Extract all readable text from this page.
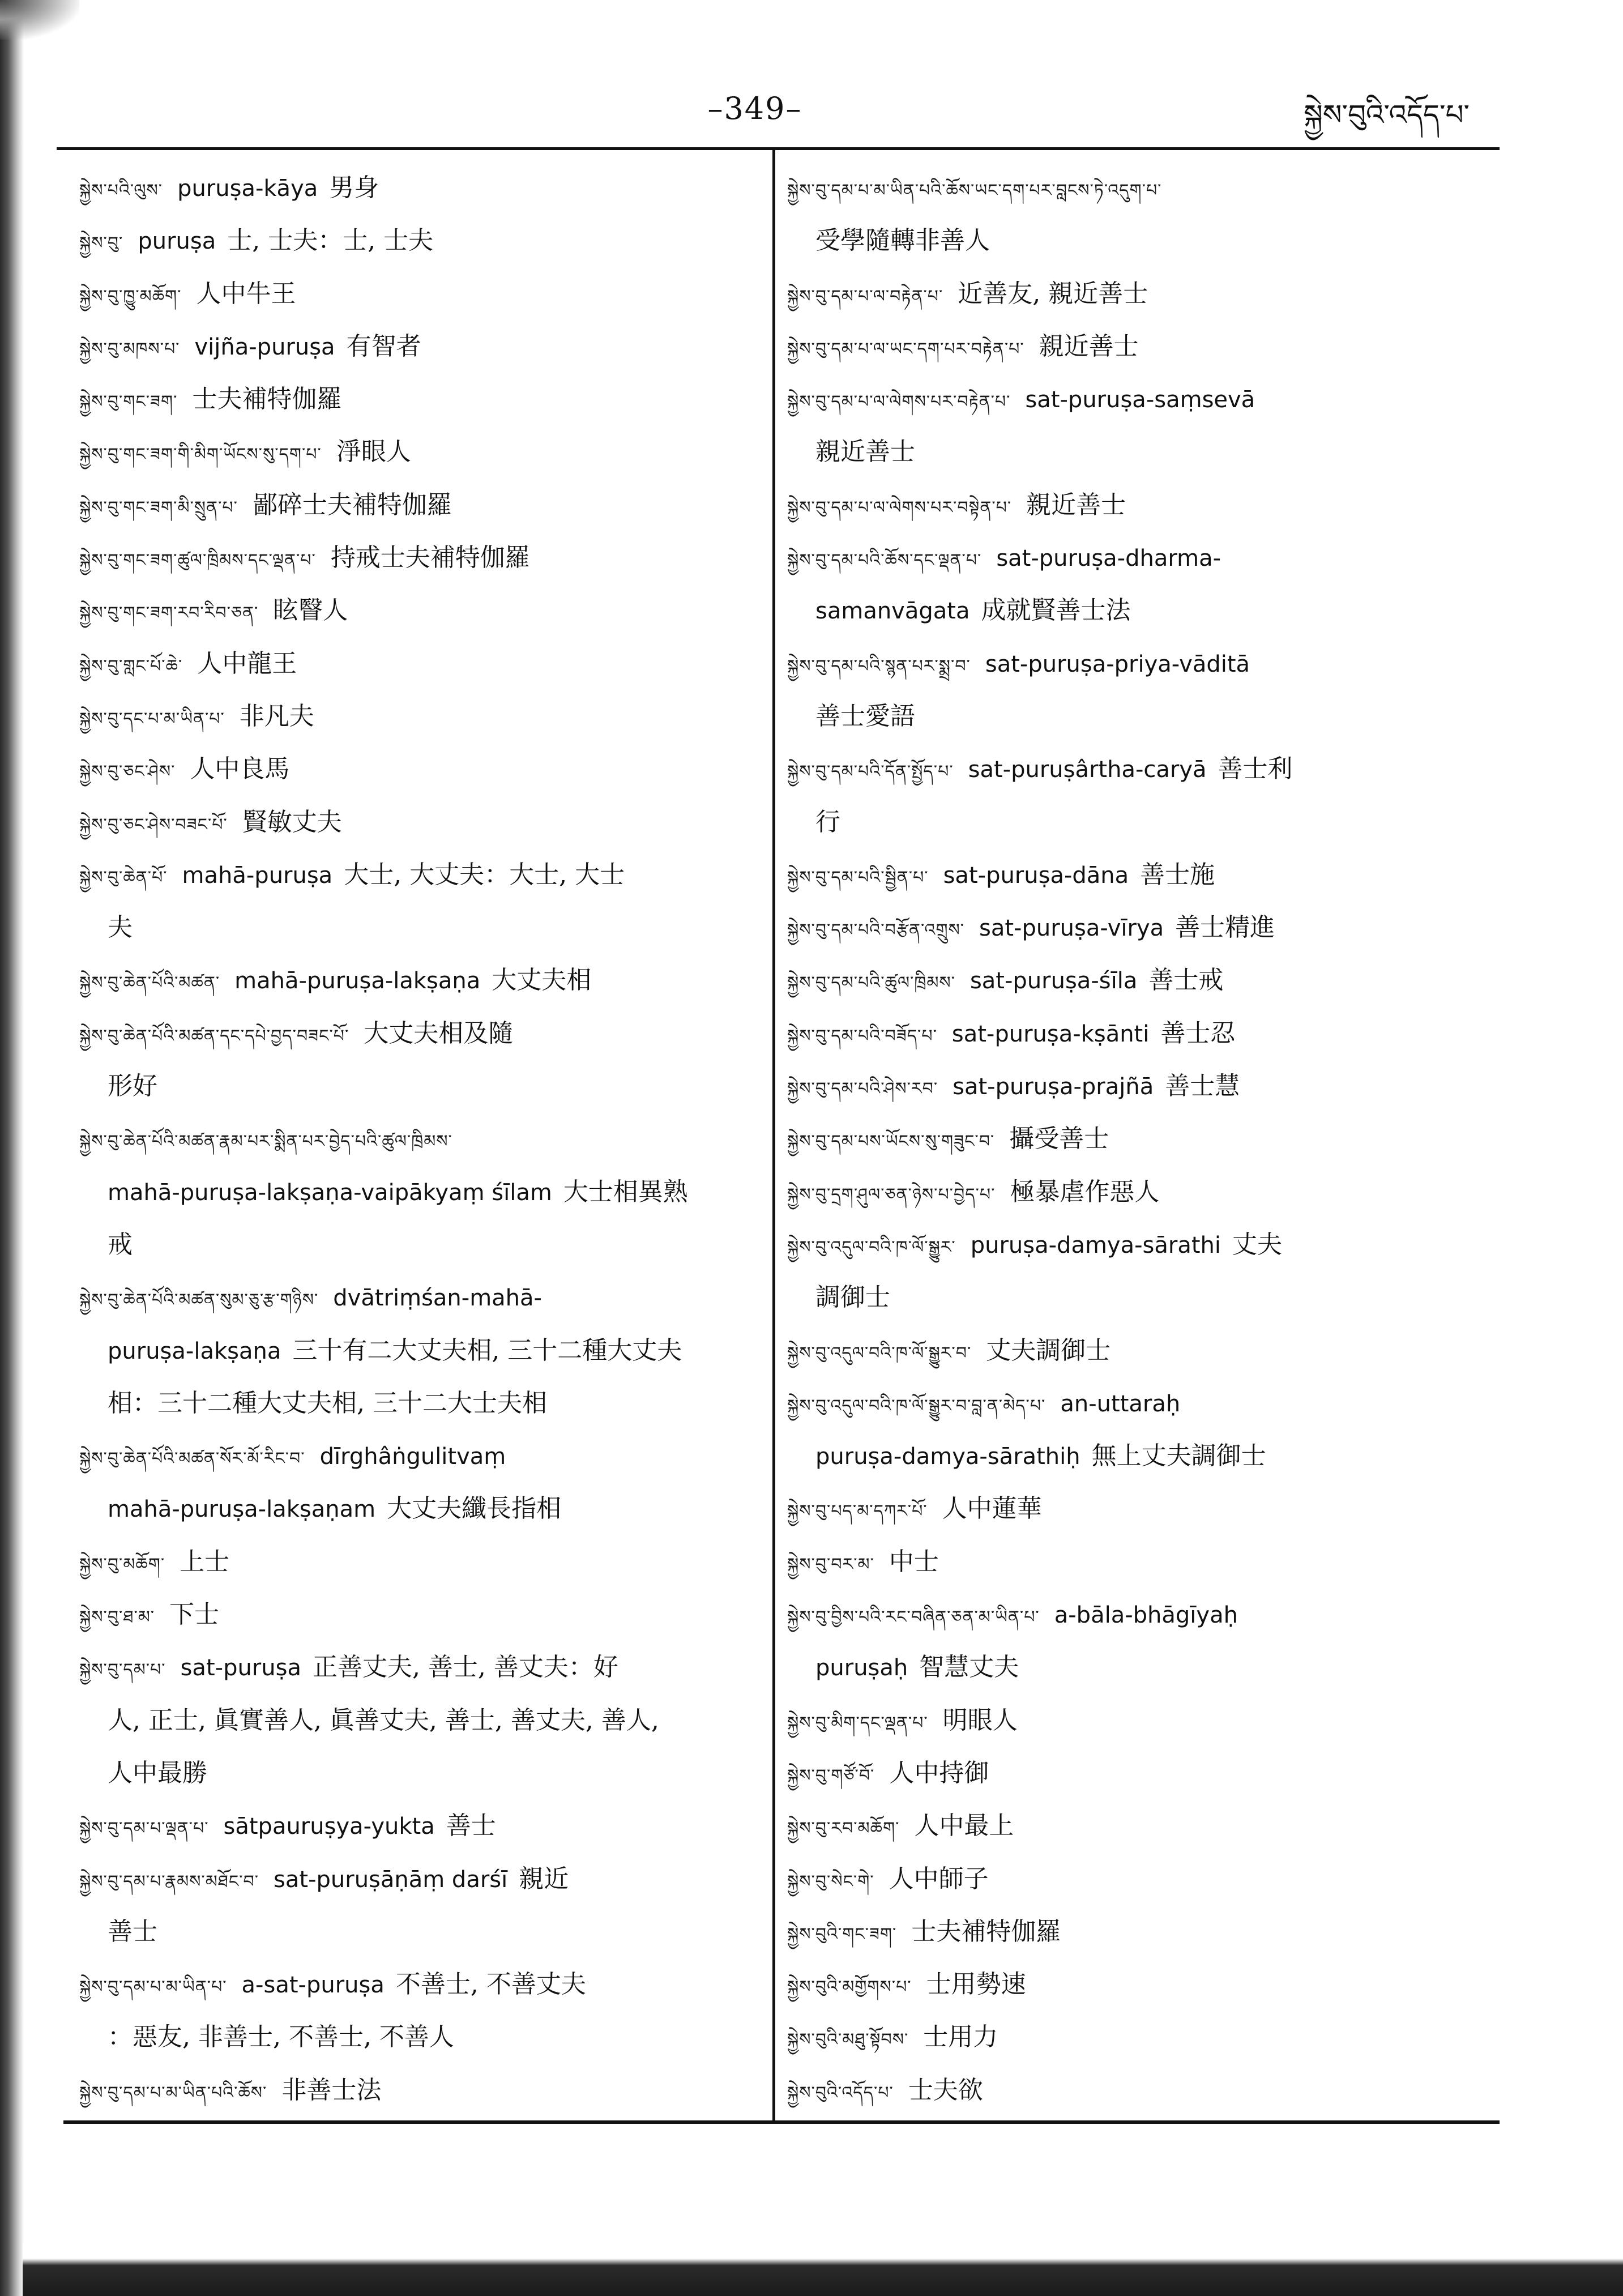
–349–	སྐྱེས་བུའི་འདོད་པ་
སྐྱེས་པའི་ལུས་ puruṣa-kāya 男身
སྐྱེས་བུ་ puruṣa 士, 士夫：士, 士夫
སྐྱེས་བུ་ཁྱུ་མཆོག་ 人中牛王
སྐྱེས་བུ་མཁས་པ་ vijña-puruṣa 有智者
སྐྱེས་བུ་གང་ཟག་ 士夫補特伽羅
སྐྱེས་བུ་གང་ཟག་གི་མིག་ཡོངས་སུ་དག་པ་ 淨眼人
སྐྱེས་བུ་གང་ཟག་མི་སྲུན་པ་ 鄙碎士夫補特伽羅
སྐྱེས་བུ་གང་ཟག་ཚུལ་ཁྲིམས་དང་ལྡན་པ་ 持戒士夫補特伽羅
སྐྱེས་བུ་གང་ཟག་རབ་རིབ་ཅན་ 眩瞖人
སྐྱེས་བུ་གླང་པོ་ཆེ་ 人中龍王
སྐྱེས་བུ་དང་པ་མ་ཡིན་པ་ 非凡夫
སྐྱེས་བུ་ཅང་ཤེས་ 人中良馬
སྐྱེས་བུ་ཅང་ཤེས་བཟང་པོ་ 賢敏丈夫
སྐྱེས་བུ་ཆེན་པོ་ mahā-puruṣa 大士, 大丈夫：大士, 大士
夫
སྐྱེས་བུ་ཆེན་པོའི་མཚན་ mahā-puruṣa-lakṣaṇa 大丈夫相
སྐྱེས་བུ་ཆེན་པོའི་མཚན་དང་དཔེ་བྱད་བཟང་པོ་ 大丈夫相及隨
形好
སྐྱེས་བུ་ཆེན་པོའི་མཚན་རྣམ་པར་སྨིན་པར་བྱེད་པའི་ཚུལ་ཁྲིམས་
mahā-puruṣa-lakṣaṇa-vaipākyaṃ śīlam 大士相異熟
戒
སྐྱེས་བུ་ཆེན་པོའི་མཚན་སུམ་ཅུ་རྩ་གཉིས་ dvātriṃśan-mahā-
puruṣa-lakṣaṇa 三十有二大丈夫相, 三十二種大丈夫
相：三十二種大丈夫相, 三十二大士夫相
སྐྱེས་བུ་ཆེན་པོའི་མཚན་སོར་མོ་རིང་བ་ dīrghâṅgulitvaṃ
mahā-puruṣa-lakṣaṇam 大丈夫纖長指相
སྐྱེས་བུ་མཆོག་ 上士
སྐྱེས་བུ་ཐ་མ་ 下士
སྐྱེས་བུ་དམ་པ་ sat-puruṣa 正善丈夫, 善士, 善丈夫：好
人, 正士, 眞實善人, 眞善丈夫, 善士, 善丈夫, 善人,
人中最勝
སྐྱེས་བུ་དམ་པ་ལྡན་པ་ sātpauruṣya-yukta 善士
སྐྱེས་བུ་དམ་པ་རྣམས་མཐོང་བ་ sat-puruṣāṇāṃ darśī 親近
善士
སྐྱེས་བུ་དམ་པ་མ་ཡིན་པ་ a-sat-puruṣa 不善士, 不善丈夫
：惡友, 非善士, 不善士, 不善人
སྐྱེས་བུ་དམ་པ་མ་ཡིན་པའི་ཆོས་ 非善士法
སྐྱེས་བུ་དམ་པ་མ་ཡིན་པའི་ཆོས་ཡང་དག་པར་བླངས་ཏེ་འདུག་པ་
受學隨轉非善人
སྐྱེས་བུ་དམ་པ་ལ་བརྟེན་པ་ 近善友, 親近善士
སྐྱེས་བུ་དམ་པ་ལ་ཡང་དག་པར་བརྟེན་པ་ 親近善士
སྐྱེས་བུ་དམ་པ་ལ་ལེགས་པར་བརྟེན་པ་ sat-puruṣa-saṃsevā
親近善士
སྐྱེས་བུ་དམ་པ་ལ་ལེགས་པར་བསྟེན་པ་ 親近善士
སྐྱེས་བུ་དམ་པའི་ཆོས་དང་ལྡན་པ་ sat-puruṣa-dharma-
samanvāgata 成就賢善士法
སྐྱེས་བུ་དམ་པའི་སྙན་པར་སྨྲ་བ་ sat-puruṣa-priya-vāditā
善士愛語
སྐྱེས་བུ་དམ་པའི་དོན་སྤྱོད་པ་ sat-puruṣârtha-caryā 善士利
行
སྐྱེས་བུ་དམ་པའི་སྦྱིན་པ་ sat-puruṣa-dāna 善士施
སྐྱེས་བུ་དམ་པའི་བརྩོན་འགྲུས་ sat-puruṣa-vīrya 善士精進
སྐྱེས་བུ་དམ་པའི་ཚུལ་ཁྲིམས་ sat-puruṣa-śīla 善士戒
སྐྱེས་བུ་དམ་པའི་བཟོད་པ་ sat-puruṣa-kṣānti 善士忍
སྐྱེས་བུ་དམ་པའི་ཤེས་རབ་ sat-puruṣa-prajñā 善士慧
སྐྱེས་བུ་དམ་པས་ཡོངས་སུ་གཟུང་བ་ 攝受善士
སྐྱེས་བུ་དྲག་ཤུལ་ཅན་ཉེས་པ་བྱེད་པ་ 極暴虐作惡人
སྐྱེས་བུ་འདུལ་བའི་ཁ་ལོ་སྒྱུར་ puruṣa-damya-sārathi 丈夫
調御士
སྐྱེས་བུ་འདུལ་བའི་ཁ་ལོ་སྒྱུར་བ་ 丈夫調御士
སྐྱེས་བུ་འདུལ་བའི་ཁ་ལོ་སྒྱུར་བ་བླ་ན་མེད་པ་ an-uttaraḥ
puruṣa-damya-sārathiḥ 無上丈夫調御士
སྐྱེས་བུ་པད་མ་དཀར་པོ་ 人中蓮華
སྐྱེས་བུ་བར་མ་ 中士
སྐྱེས་བུ་བྱིས་པའི་རང་བཞིན་ཅན་མ་ཡིན་པ་ a-bāla-bhāgīyaḥ
puruṣaḥ 智慧丈夫
སྐྱེས་བུ་མིག་དང་ལྡན་པ་ 明眼人
སྐྱེས་བུ་གཙོ་བོ་ 人中持御
སྐྱེས་བུ་རབ་མཆོག་ 人中最上
སྐྱེས་བུ་སེང་གེ་ 人中師子
སྐྱེས་བུའི་གང་ཟག་ 士夫補特伽羅
སྐྱེས་བུའི་མགྱོགས་པ་ 士用勢速
སྐྱེས་བུའི་མཐུ་སྟོབས་ 士用力
སྐྱེས་བུའི་འདོད་པ་ 士夫欲
